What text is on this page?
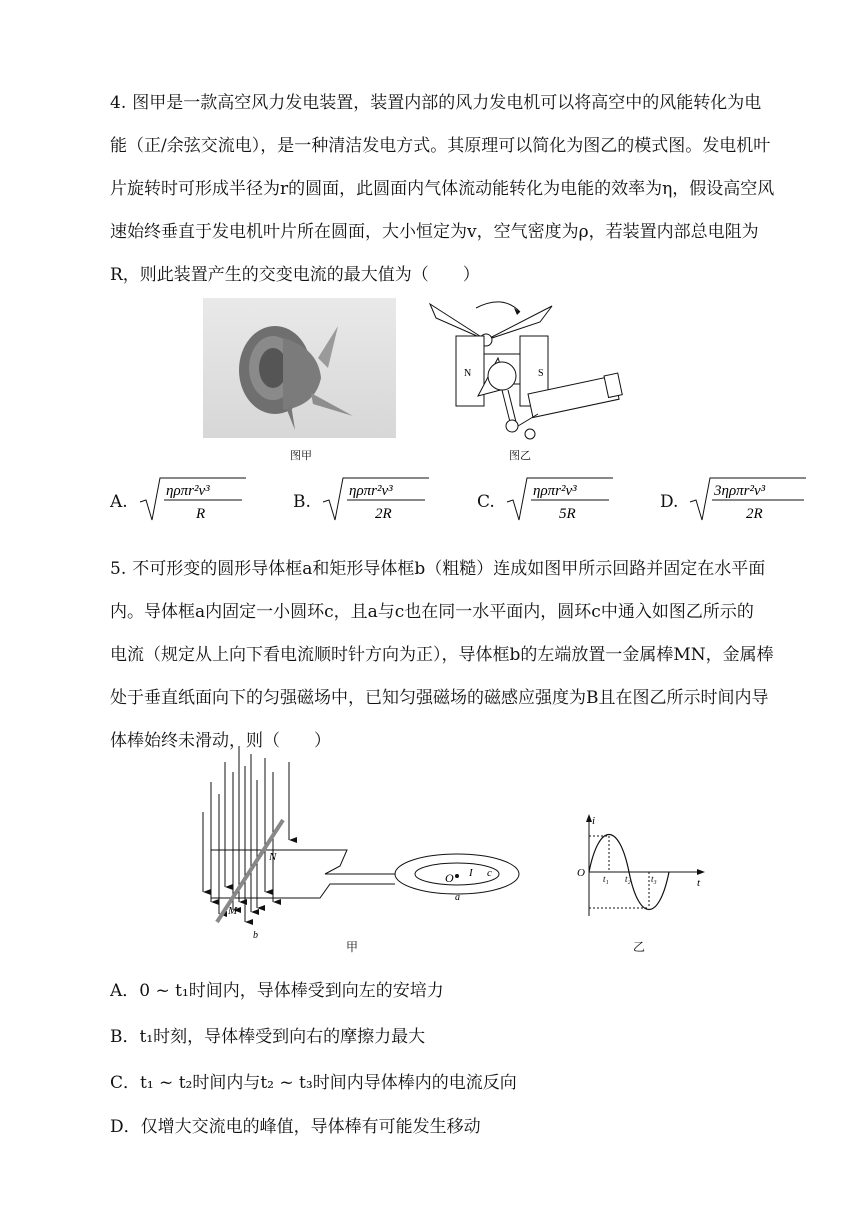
4. 图甲是一款高空风力发电装置，装置内部的风力发电机可以将高空中的风能转化为电
能（正/余弦交流电），是一种清洁发电方式。其原理可以简化为图乙的模式图。发电机叶
片旋转时可形成半径为r的圆面，此圆面内气体流动能转化为电能的效率为η，假设高空风
速始终垂直于发电机叶片所在圆面，大小恒定为v，空气密度为ρ，若装置内部总电阻为
R，则此装置产生的交变电流的最大值为（　　）
图甲
N	S
图乙
A.
ηρπr²v³
R
B.
ηρπr²v³
2R
C.
ηρπr²v³
5R
D.
3ηρπr²v³
2R
5. 不可形变的圆形导体框a和矩形导体框b（粗糙）连成如图甲所示回路并固定在水平面
内。导体框a内固定一小圆环c，且a与c也在同一水平面内，圆环c中通入如图乙所示的
电流（规定从上向下看电流顺时针方向为正），导体框b的左端放置一金属棒MN，金属棒
处于垂直纸面向下的匀强磁场中，已知匀强磁场的磁感应强度为B且在图乙所示时间内导
体棒始终未滑动，则（　　）
N
M
b
O I c
a
甲
i
O
t
t₁ t₂ t₃
乙
A．0 ~ t₁时间内，导体棒受到向左的安培力
B．t₁时刻，导体棒受到向右的摩擦力最大
C．t₁ ~ t₂时间内与t₂ ~ t₃时间内导体棒内的电流反向
D．仅增大交流电的峰值，导体棒有可能发生移动
